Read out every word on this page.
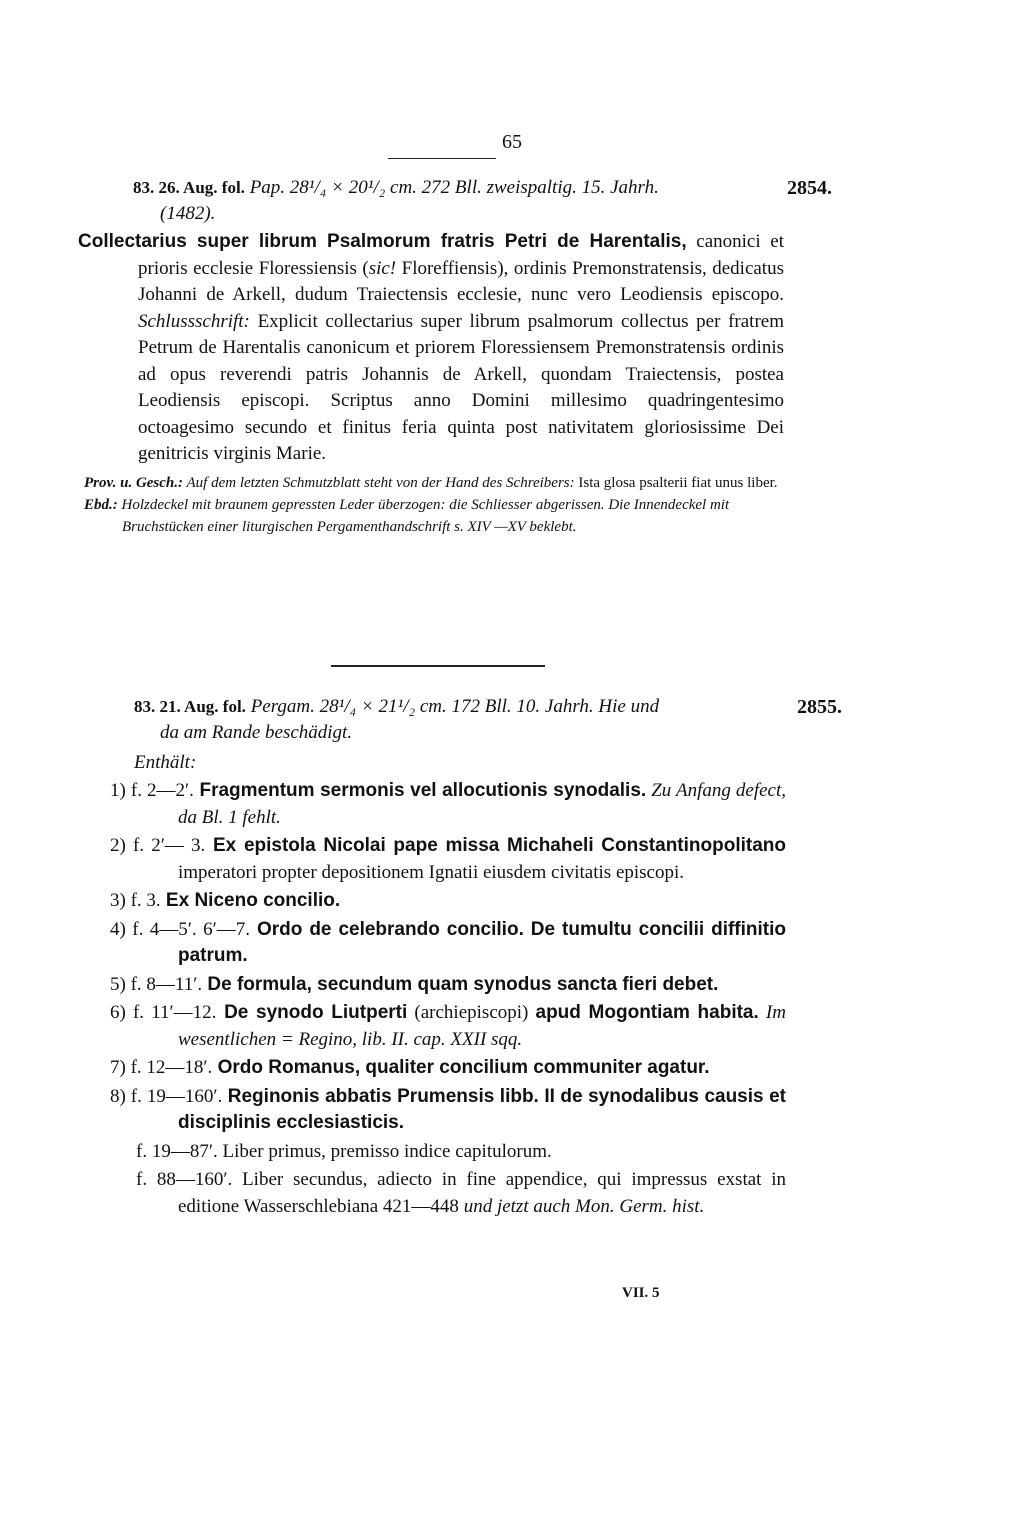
65
83. 26. Aug. fol. Pap. 28¹/₄ × 20¹/₂ cm. 272 Bll. zweispaltig. 15. Jahrh.	2854.
(1482).
Collectarius super librum Psalmorum fratris Petri de Harentalis, canonici et prioris ecclesie Floressiensis (sic! Floreffiensis), ordinis Premonstratensis, dedicatus Johanni de Arkell, dudum Traiectensis ecclesie, nunc vero Leodiensis episcopo. Schlussschrift: Explicit collectarius super librum psalmorum collectus per fratrem Petrum de Harentalis canonicum et priorem Floressiensem Premonstratensis ordinis ad opus reverendi patris Johannis de Arkell, quondam Traiectensis, postea Leodiensis episcopi. Scriptus anno Domini millesimo quadringentesimo octoagesimo secundo et finitus feria quinta post nativitatem gloriosissime Dei genitricis virginis Marie.
Prov. u. Gesch.: Auf dem letzten Schmutzblatt steht von der Hand des Schreibers: Ista glosa psalterii fiat unus liber.
Ebd.: Holzdeckel mit braunem gepressten Leder überzogen: die Schliesser abgerissen. Die Innendeckel mit Bruchstücken einer liturgischen Pergamenthandschrift s. XIV —XV beklebt.
83. 21. Aug. fol. Pergam. 28¹/₄ × 21¹/₂ cm. 172 Bll. 10. Jahrh. Hie und	2855.
da am Rande beschädigt.
Enthält:
1) f. 2—2′. Fragmentum sermonis vel allocutionis synodalis. Zu Anfang defect, da Bl. 1 fehlt.
2) f. 2′— 3. Ex epistola Nicolai pape missa Michaheli Constantinopolitano imperatori propter depositionem Ignatii eiusdem civitatis episcopi.
3) f. 3. Ex Niceno concilio.
4) f. 4—5′. 6′—7. Ordo de celebrando concilio. De tumultu concilii diffinitio patrum.
5) f. 8—11′. De formula, secundum quam synodus sancta fieri debet.
6) f. 11′—12. De synodo Liutperti (archiepiscopi) apud Mogontiam habita. Im wesentlichen = Regino, lib. II. cap. XXII sqq.
7) f. 12—18′. Ordo Romanus, qualiter concilium communiter agatur.
8) f. 19—160′. Reginonis abbatis Prumensis libb. II de synodalibus causis et disciplinis ecclesiasticis.
f. 19—87′. Liber primus, premisso indice capitulorum.
f. 88—160′. Liber secundus, adiecto in fine appendice, qui impressus exstat in editione Wasserschlebiana 421—448 und jetzt auch Mon. Germ. hist.
VII. 5
